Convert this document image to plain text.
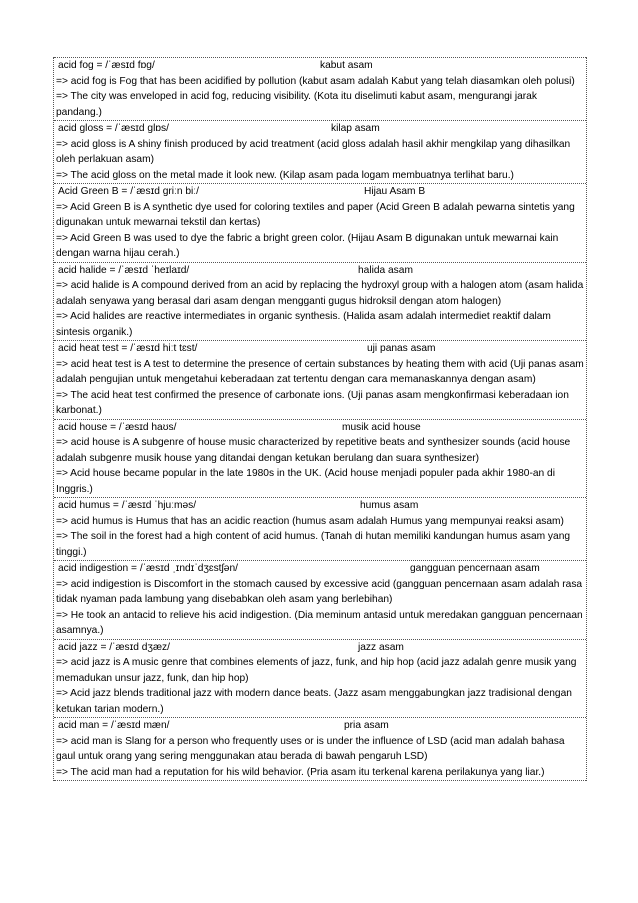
acid fog = /ˈæsɪd fɒg/	kabut asam
=> acid fog is Fog that has been acidified by pollution (kabut asam adalah Kabut yang telah diasamkan oleh polusi)
=> The city was enveloped in acid fog, reducing visibility. (Kota itu diselimuti kabut asam, mengurangi jarak pandang.)
acid gloss = /ˈæsɪd glɒs/	kilap asam
=> acid gloss is A shiny finish produced by acid treatment (acid gloss adalah hasil akhir mengkilap yang dihasilkan oleh perlakuan asam)
=> The acid gloss on the metal made it look new. (Kilap asam pada logam membuatnya terlihat baru.)
Acid Green B = /ˈæsɪd griːn biː/	Hijau Asam B
=> Acid Green B is A synthetic dye used for coloring textiles and paper (Acid Green B adalah pewarna sintetis yang digunakan untuk mewarnai tekstil dan kertas)
=> Acid Green B was used to dye the fabric a bright green color. (Hijau Asam B digunakan untuk mewarnai kain dengan warna hijau cerah.)
acid halide = /ˈæsɪd ˈheɪlaɪd/	halida asam
=> acid halide is A compound derived from an acid by replacing the hydroxyl group with a halogen atom (asam halida adalah senyawa yang berasal dari asam dengan mengganti gugus hidroksil dengan atom halogen)
=> Acid halides are reactive intermediates in organic synthesis. (Halida asam adalah intermediet reaktif dalam sintesis organik.)
acid heat test = /ˈæsɪd hiːt tɛst/	uji panas asam
=> acid heat test is A test to determine the presence of certain substances by heating them with acid (Uji panas asam adalah pengujian untuk mengetahui keberadaan zat tertentu dengan cara memanaskannya dengan asam)
=> The acid heat test confirmed the presence of carbonate ions. (Uji panas asam mengkonfirmasi keberadaan ion karbonat.)
acid house = /ˈæsɪd haʊs/	musik acid house
=> acid house is A subgenre of house music characterized by repetitive beats and synthesizer sounds (acid house adalah subgenre musik house yang ditandai dengan ketukan berulang dan suara synthesizer)
=> Acid house became popular in the late 1980s in the UK. (Acid house menjadi populer pada akhir 1980-an di Inggris.)
acid humus = /ˈæsɪd ˈhjuːməs/	humus asam
=> acid humus is Humus that has an acidic reaction (humus asam adalah Humus yang mempunyai reaksi asam)
=> The soil in the forest had a high content of acid humus. (Tanah di hutan memiliki kandungan humus asam yang tinggi.)
acid indigestion = /ˈæsɪd ˌɪndɪˈdʒɛstʃən/	gangguan pencernaan asam
=> acid indigestion is Discomfort in the stomach caused by excessive acid (gangguan pencernaan asam adalah rasa tidak nyaman pada lambung yang disebabkan oleh asam yang berlebihan)
=> He took an antacid to relieve his acid indigestion. (Dia meminum antasid untuk meredakan gangguan pencernaan asamnya.)
acid jazz = /ˈæsɪd dʒæz/	jazz asam
=> acid jazz is A music genre that combines elements of jazz, funk, and hip hop (acid jazz adalah genre musik yang memadukan unsur jazz, funk, dan hip hop)
=> Acid jazz blends traditional jazz with modern dance beats. (Jazz asam menggabungkan jazz tradisional dengan ketukan tarian modern.)
acid man = /ˈæsɪd mæn/	pria asam
=> acid man is Slang for a person who frequently uses or is under the influence of LSD (acid man adalah bahasa gaul untuk orang yang sering menggunakan atau berada di bawah pengaruh LSD)
=> The acid man had a reputation for his wild behavior. (Pria asam itu terkenal karena perilakunya yang liar.)
